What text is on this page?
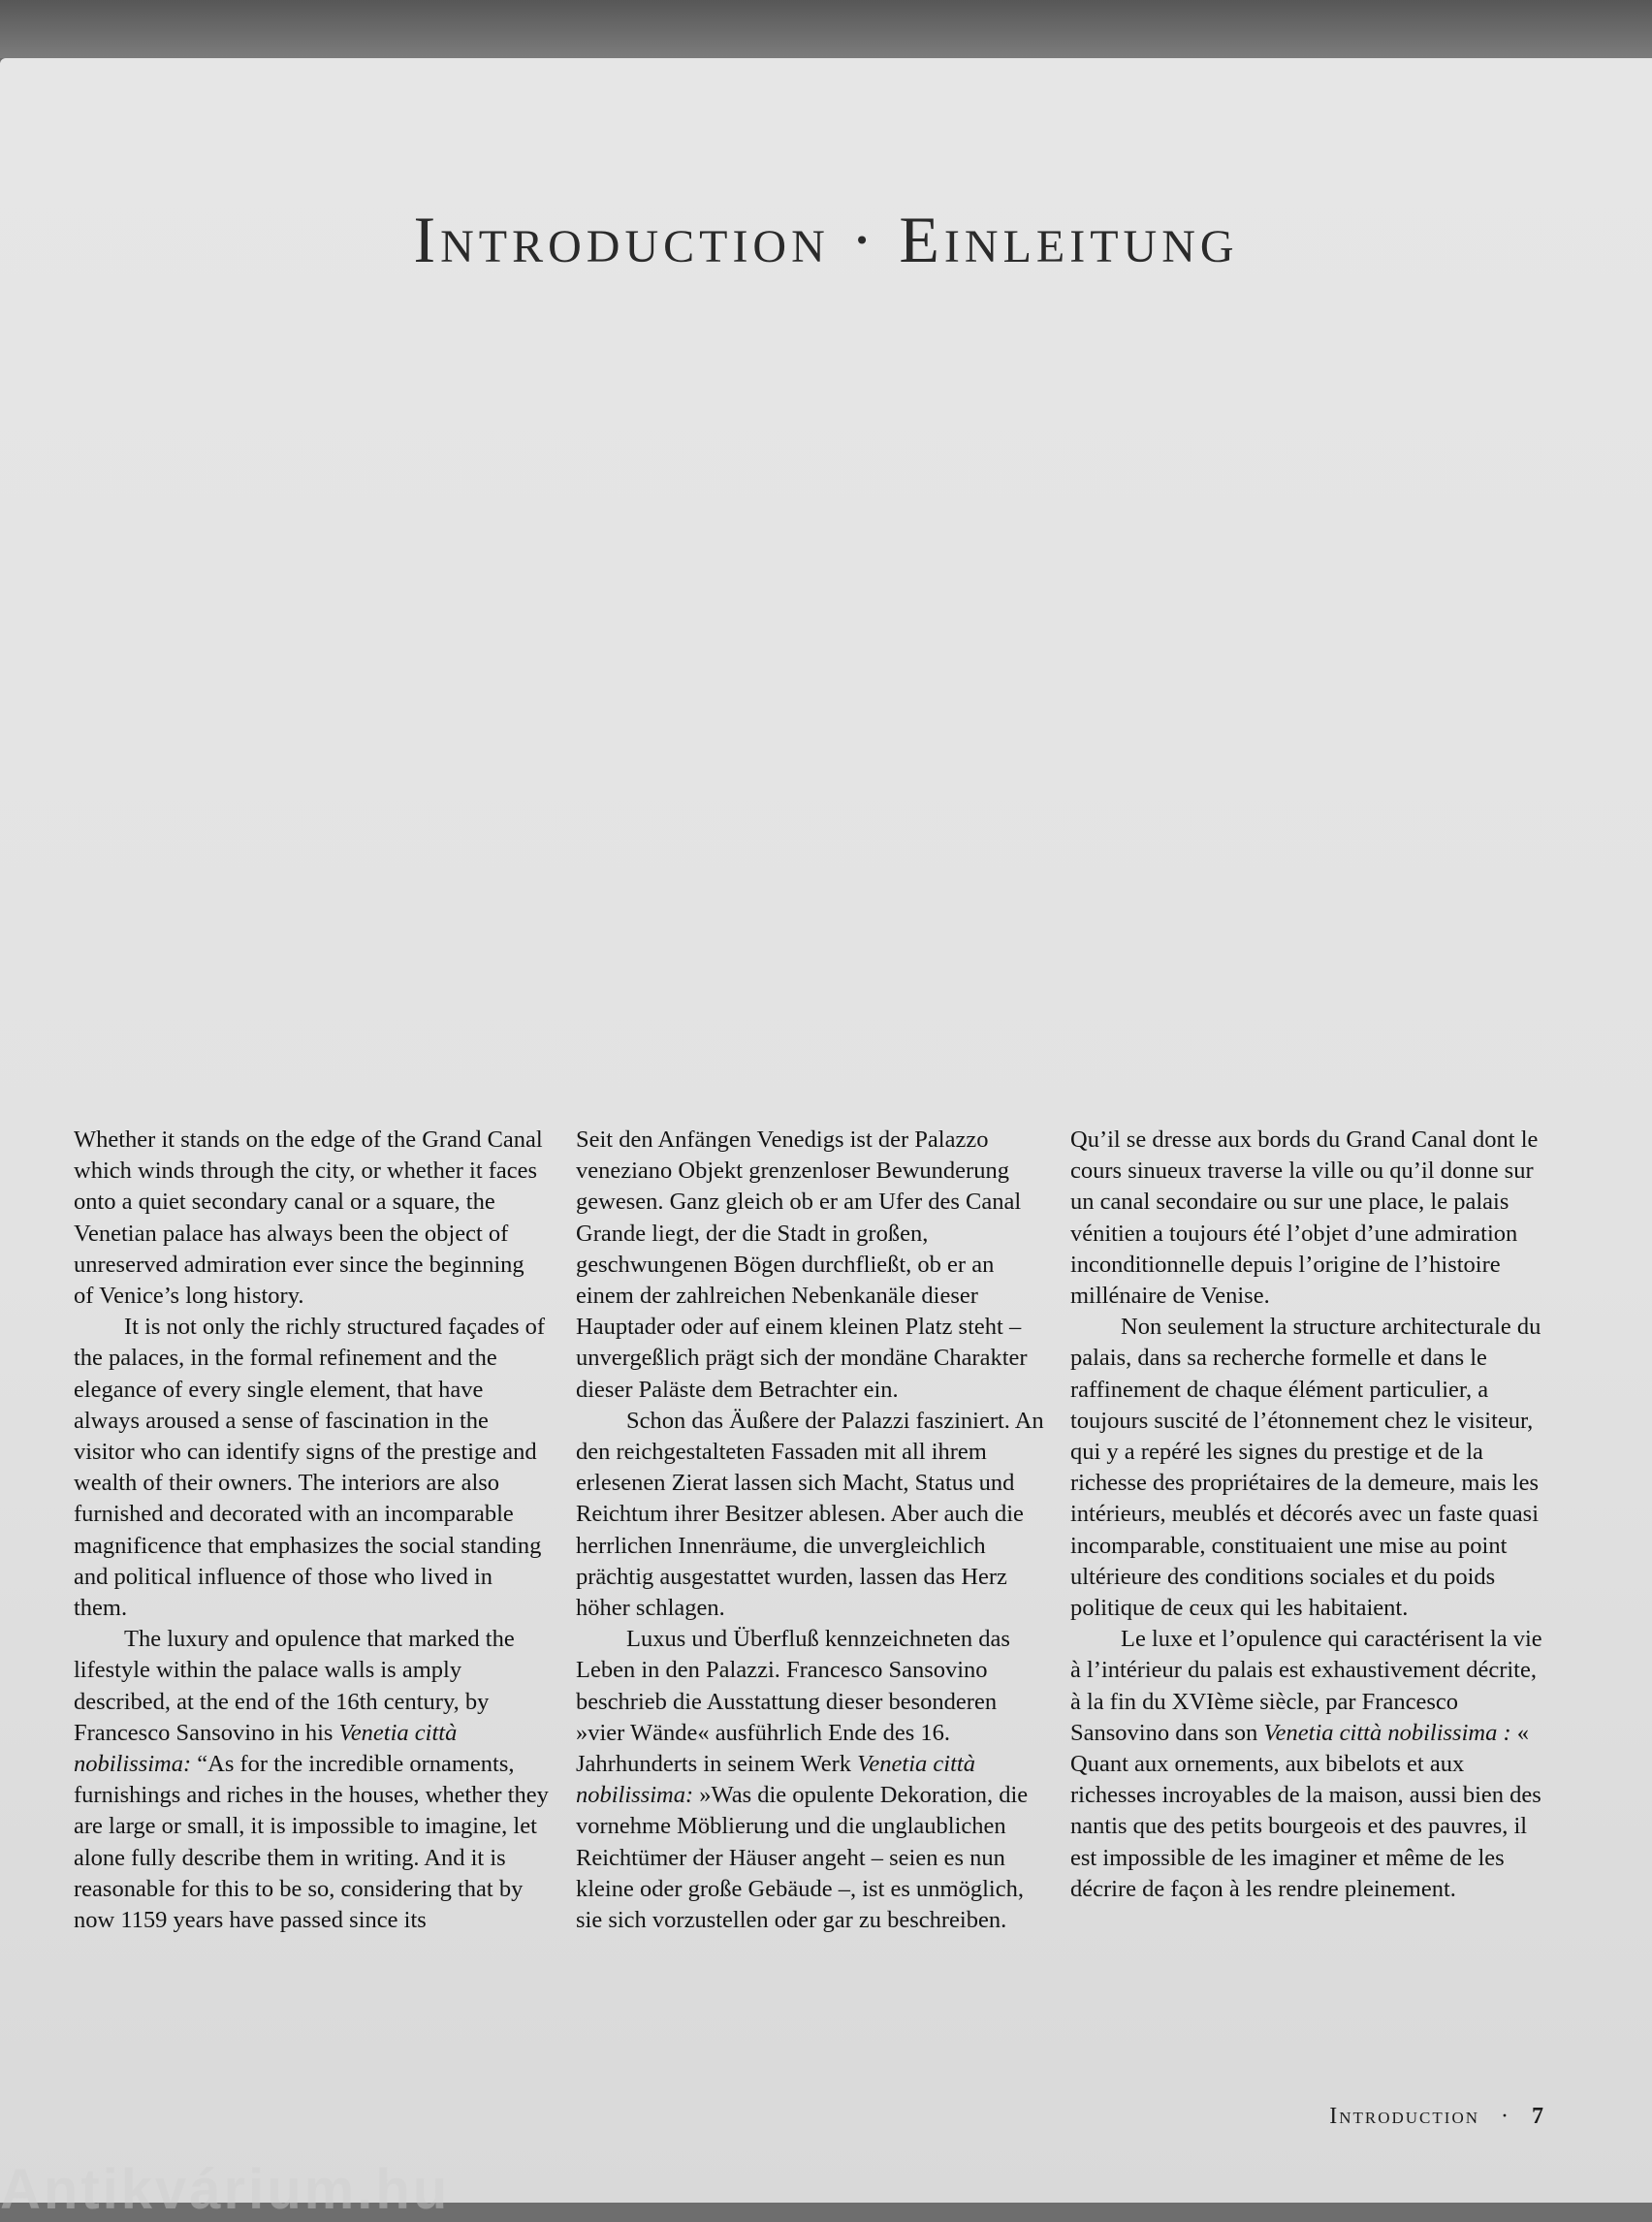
Introduction · Einleitung

Whether it stands on the edge of the Grand Canal which winds through the city, or whether it faces onto a quiet secondary canal or a square, the Venetian palace has always been the object of unreserved admiration ever since the beginning of Venice’s long history.

It is not only the richly structured façades of the palaces, in the formal refinement and the elegance of every single element, that have always aroused a sense of fascination in the visitor who can identify signs of the prestige and wealth of their owners. The interiors are also furnished and decorated with an incomparable magnificence that emphasizes the social standing and political influence of those who lived in them.

The luxury and opulence that marked the lifestyle within the palace walls is amply described, at the end of the 16th century, by Francesco Sansovino in his Venetia città nobilissima: “As for the incredible ornaments, furnishings and riches in the houses, whether they are large or small, it is impossible to imagine, let alone fully describe them in writing. And it is reasonable for this to be so, considering that by now 1159 years have passed since its

Seit den Anfängen Venedigs ist der Palazzo veneziano Objekt grenzenloser Bewunderung gewesen. Ganz gleich ob er am Ufer des Canal Grande liegt, der die Stadt in großen, geschwungenen Bögen durchfließt, ob er an einem der zahlreichen Nebenkanäle dieser Hauptader oder auf einem kleinen Platz steht – unvergeßlich prägt sich der mondäne Charakter dieser Paläste dem Betrachter ein.

Schon das Äußere der Palazzi fasziniert. An den reichgestalteten Fassaden mit all ihrem erlesenen Zierat lassen sich Macht, Status und Reichtum ihrer Besitzer ablesen. Aber auch die herrlichen Innenräume, die unvergleichlich prächtig ausgestattet wurden, lassen das Herz höher schlagen.

Luxus und Überfluß kennzeichneten das Leben in den Palazzi. Francesco Sansovino beschrieb die Ausstattung dieser besonderen »vier Wände« ausführlich Ende des 16. Jahrhunderts in seinem Werk Venetia città nobilissima: »Was die opulente Dekoration, die vornehme Möblierung und die unglaublichen Reichtümer der Häuser angeht – seien es nun kleine oder große Gebäude –, ist es unmöglich, sie sich vorzustellen oder gar zu beschreiben.

Qu’il se dresse aux bords du Grand Canal dont le cours sinueux traverse la ville ou qu’il donne sur un canal secondaire ou sur une place, le palais vénitien a toujours été l’objet d’une admiration inconditionnelle depuis l’origine de l’histoire millénaire de Venise.

Non seulement la structure architecturale du palais, dans sa recherche formelle et dans le raffinement de chaque élément particulier, a toujours suscité de l’étonnement chez le visiteur, qui y a repéré les signes du prestige et de la richesse des propriétaires de la demeure, mais les intérieurs, meublés et décorés avec un faste quasi incomparable, constituaient une mise au point ultérieure des conditions sociales et du poids politique de ceux qui les habitaient.

Le luxe et l’opulence qui caractérisent la vie à l’intérieur du palais est exhaustivement décrite, à la fin du XVIème siècle, par Francesco Sansovino dans son Venetia città nobilissima : « Quant aux ornements, aux bibelots et aux richesses incroyables de la maison, aussi bien des nantis que des petits bourgeois et des pauvres, il est impossible de les imaginer et même de les décrire de façon à les rendre pleinement.

Introduction · 7
Antikvárium.hu
